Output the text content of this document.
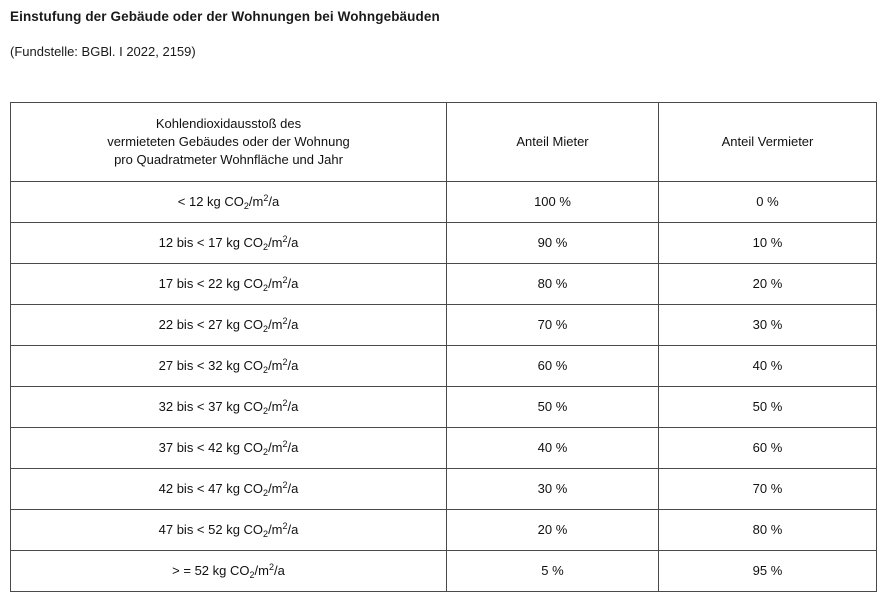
Einstufung der Gebäude oder der Wohnungen bei Wohngebäuden
(Fundstelle: BGBl. I 2022, 2159)
Kohlendioxidausstoß des
vermieteten Gebäudes oder der Wohnung
pro Quadratmeter Wohnfläche und Jahr	Anteil Mieter	Anteil Vermieter
< 12 kg $CO_2/m^2/a$	100 %	0 %
12 bis < 17 kg $CO_2/m^2/a$	90 %	10 %
17 bis < 22 kg $CO_2/m^2/a$	80 %	20 %
22 bis < 27 kg $CO_2/m^2/a$	70 %	30 %
27 bis < 32 kg $CO_2/m^2/a$	60 %	40 %
32 bis < 37 kg $CO_2/m^2/a$	50 %	50 %
37 bis < 42 kg $CO_2/m^2/a$	40 %	60 %
42 bis < 47 kg $CO_2/m^2/a$	30 %	70 %
47 bis < 52 kg $CO_2/m^2/a$	20 %	80 %
> = 52 kg $CO_2/m^2/a$	5 %	95 %
